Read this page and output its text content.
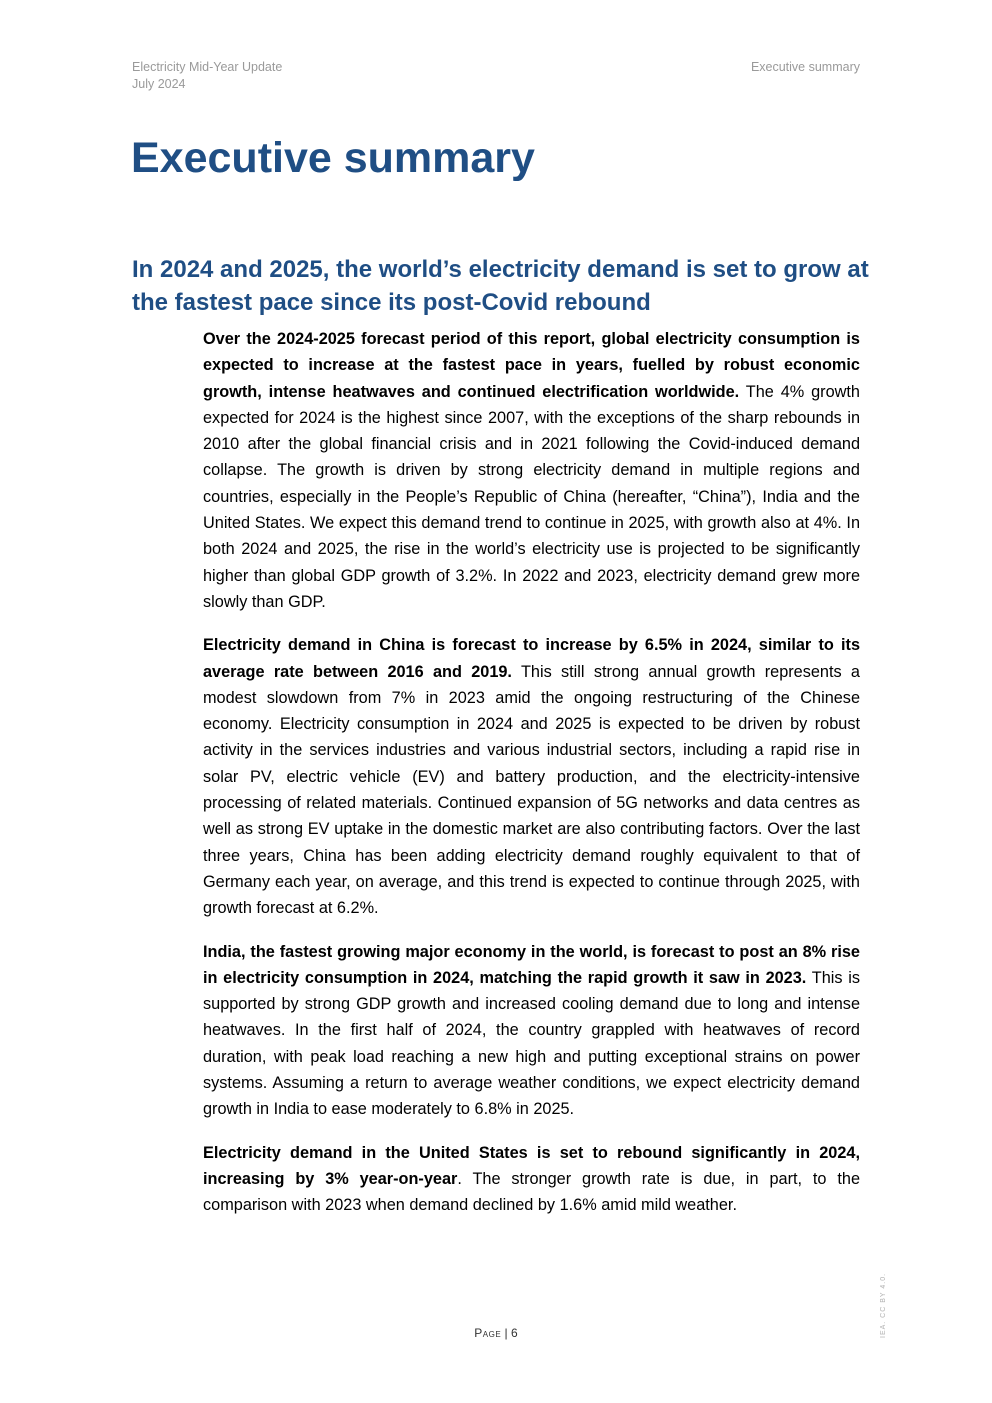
Electricity Mid-Year Update
July 2024
Executive summary
Executive summary
In 2024 and 2025, the world’s electricity demand is set to grow at the fastest pace since its post-Covid rebound

Over the 2024-2025 forecast period of this report, global electricity consumption is expected to increase at the fastest pace in years, fuelled by robust economic growth, intense heatwaves and continued electrification worldwide. The 4% growth expected for 2024 is the highest since 2007, with the exceptions of the sharp rebounds in 2010 after the global financial crisis and in 2021 following the Covid-induced demand collapse. The growth is driven by strong electricity demand in multiple regions and countries, especially in the People’s Republic of China (hereafter, “China”), India and the United States. We expect this demand trend to continue in 2025, with growth also at 4%. In both 2024 and 2025, the rise in the world’s electricity use is projected to be significantly higher than global GDP growth of 3.2%. In 2022 and 2023, electricity demand grew more slowly than GDP.

Electricity demand in China is forecast to increase by 6.5% in 2024, similar to its average rate between 2016 and 2019. This still strong annual growth represents a modest slowdown from 7% in 2023 amid the ongoing restructuring of the Chinese economy. Electricity consumption in 2024 and 2025 is expected to be driven by robust activity in the services industries and various industrial sectors, including a rapid rise in solar PV, electric vehicle (EV) and battery production, and the electricity-intensive processing of related materials. Continued expansion of 5G networks and data centres as well as strong EV uptake in the domestic market are also contributing factors. Over the last three years, China has been adding electricity demand roughly equivalent to that of Germany each year, on average, and this trend is expected to continue through 2025, with growth forecast at 6.2%.

India, the fastest growing major economy in the world, is forecast to post an 8% rise in electricity consumption in 2024, matching the rapid growth it saw in 2023. This is supported by strong GDP growth and increased cooling demand due to long and intense heatwaves. In the first half of 2024, the country grappled with heatwaves of record duration, with peak load reaching a new high and putting exceptional strains on power systems. Assuming a return to average weather conditions, we expect electricity demand growth in India to ease moderately to 6.8% in 2025.

Electricity demand in the United States is set to rebound significantly in 2024, increasing by 3% year-on-year. The stronger growth rate is due, in part, to the comparison with 2023 when demand declined by 1.6% amid mild weather.

IEA. CC BY 4.0.
Page | 6
